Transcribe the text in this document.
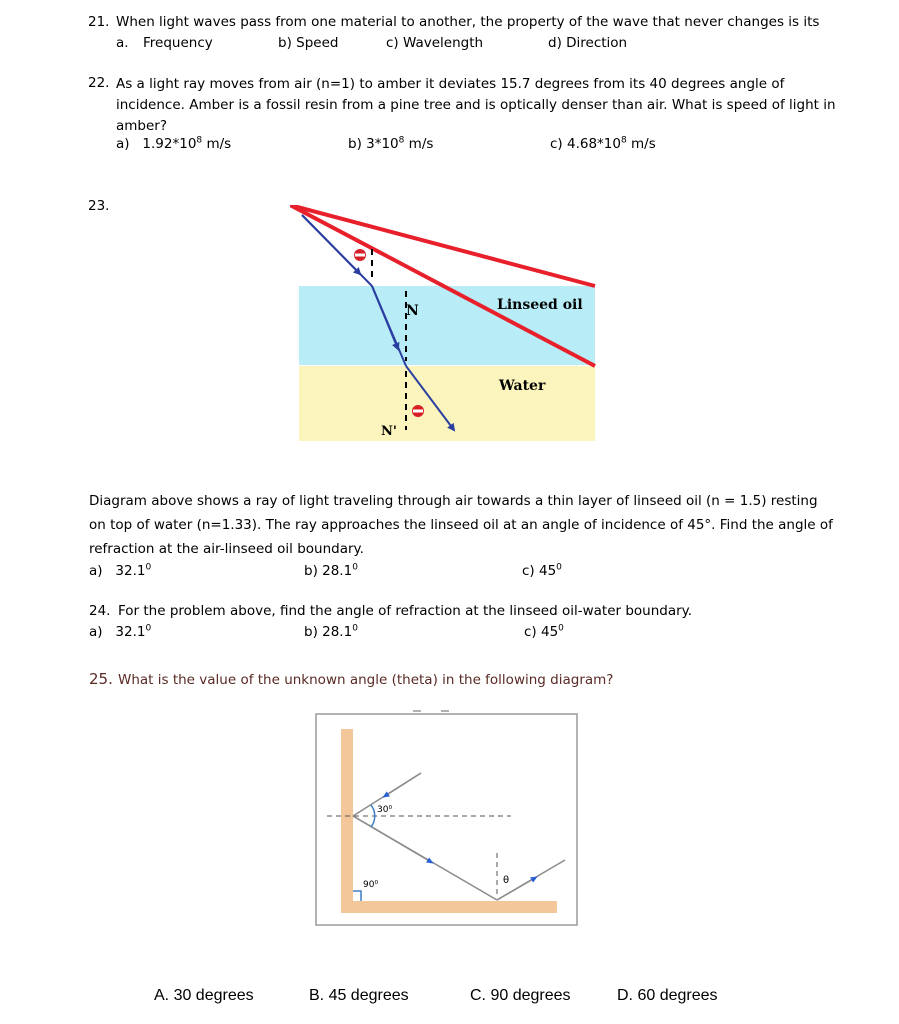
21. When light waves pass from one material to another, the property of the wave that never changes is its
a. Frequency	b) Speed	c) Wavelength	d) Direction
22. As a light ray moves from air (n=1) to amber it deviates 15.7 degrees from its 40 degrees angle of incidence. Amber is a fossil resin from a pine tree and is optically denser than air. What is speed of light in amber?
a) $1.92*10^8$ m/s	b) $3*10^8$ m/s	c) $4.68*10^8$ m/s
23.
N
N'
Linseed oil
Water
Diagram above shows a ray of light traveling through air towards a thin layer of linseed oil (n = 1.5) resting on top of water (n=1.33). The ray approaches the linseed oil at an angle of incidence of 45°. Find the angle of refraction at the air-linseed oil boundary.
a) 32.1$^0$	b) 28.1$^0$	c) $45^0$
24. For the problem above, find the angle of refraction at the linseed oil-water boundary.
a) 32.1$^0$	b) 28.1$^0$	c) $45^0$
25. What is the value of the unknown angle (theta) in the following diagram?
30⁰
90⁰	θ
A. 30 degrees	B. 45 degrees	C. 90 degrees	D. 60 degrees
